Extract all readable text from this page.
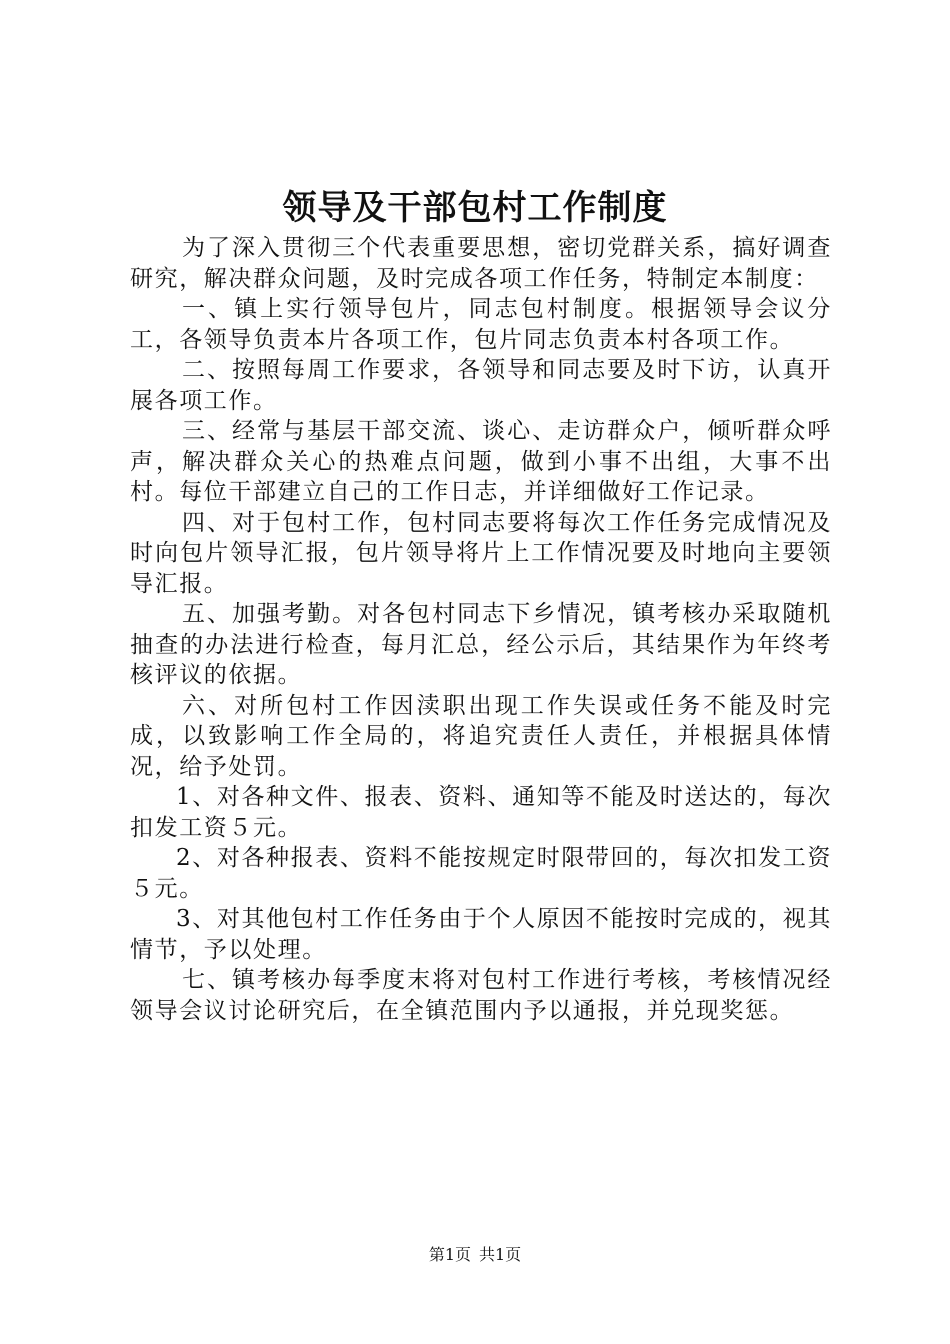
领导及干部包村工作制度

为了深入贯彻三个代表重要思想，密切党群关系，搞好调查研究，解决群众问题，及时完成各项工作任务，特制定本制度：

一、镇上实行领导包片，同志包村制度。根据领导会议分工，各领导负责本片各项工作，包片同志负责本村各项工作。

二、按照每周工作要求，各领导和同志要及时下访，认真开展各项工作。

三、经常与基层干部交流、谈心、走访群众户，倾听群众呼声，解决群众关心的热难点问题，做到小事不出组，大事不出村。每位干部建立自己的工作日志，并详细做好工作记录。

四、对于包村工作，包村同志要将每次工作任务完成情况及时向包片领导汇报，包片领导将片上工作情况要及时地向主要领导汇报。

五、加强考勤。对各包村同志下乡情况，镇考核办采取随机抽查的办法进行检查，每月汇总，经公示后，其结果作为年终考核评议的依据。

六、对所包村工作因渎职出现工作失误或任务不能及时完成，以致影响工作全局的，将追究责任人责任，并根据具体情况，给予处罚。

1、对各种文件、报表、资料、通知等不能及时送达的，每次扣发工资５元。

2、对各种报表、资料不能按规定时限带回的，每次扣发工资５元。

3、对其他包村工作任务由于个人原因不能按时完成的，视其情节，予以处理。

七、镇考核办每季度末将对包村工作进行考核，考核情况经领导会议讨论研究后，在全镇范围内予以通报，并兑现奖惩。

第1页 共1页
